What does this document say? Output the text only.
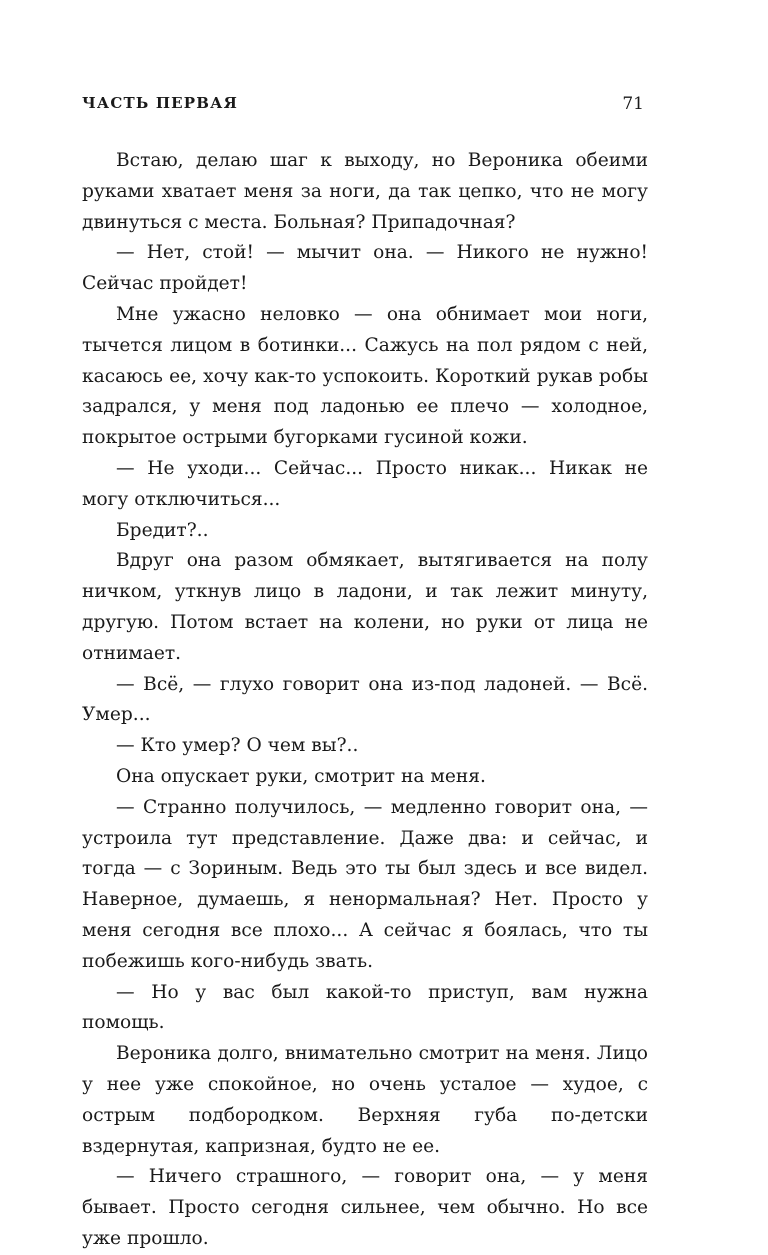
ЧАСТЬ ПЕРВАЯ	71

Встаю, делаю шаг к выходу, но Вероника обеими руками хватает меня за ноги, да так цепко, что не могу двинуться с места. Больная? Припадочная?

— Нет, стой! — мычит она. — Никого не нужно! Сейчас пройдет!

Мне ужасно неловко — она обнимает мои ноги, тычется лицом в ботинки... Сажусь на пол рядом с ней, касаюсь ее, хочу как-то успокоить. Короткий рукав робы задрался, у меня под ладонью ее плечо — холодное, покрытое острыми бугорками гусиной кожи.

— Не уходи... Сейчас... Просто никак... Никак не могу отключиться...

Бредит?..

Вдруг она разом обмякает, вытягивается на полу ничком, уткнув лицо в ладони, и так лежит минуту, другую. Потом встает на колени, но руки от лица не отнимает.

— Всё, — глухо говорит она из-под ладоней. — Всё. Умер...

— Кто умер? О чем вы?..

Она опускает руки, смотрит на меня.

— Странно получилось, — медленно говорит она, — устроила тут представление. Даже два: и сейчас, и тогда — с Зориным. Ведь это ты был здесь и все видел. Наверное, думаешь, я ненормальная? Нет. Просто у меня сегодня все плохо... А сейчас я боялась, что ты побежишь кого-нибудь звать.

— Но у вас был какой-то приступ, вам нужна помощь.

Вероника долго, внимательно смотрит на меня. Лицо у нее уже спокойное, но очень усталое — худое, с острым подбородком. Верхняя губа по-детски вздернутая, капризная, будто не ее.

— Ничего страшного, — говорит она, — у меня бывает. Просто сегодня сильнее, чем обычно. Но все уже прошло.
